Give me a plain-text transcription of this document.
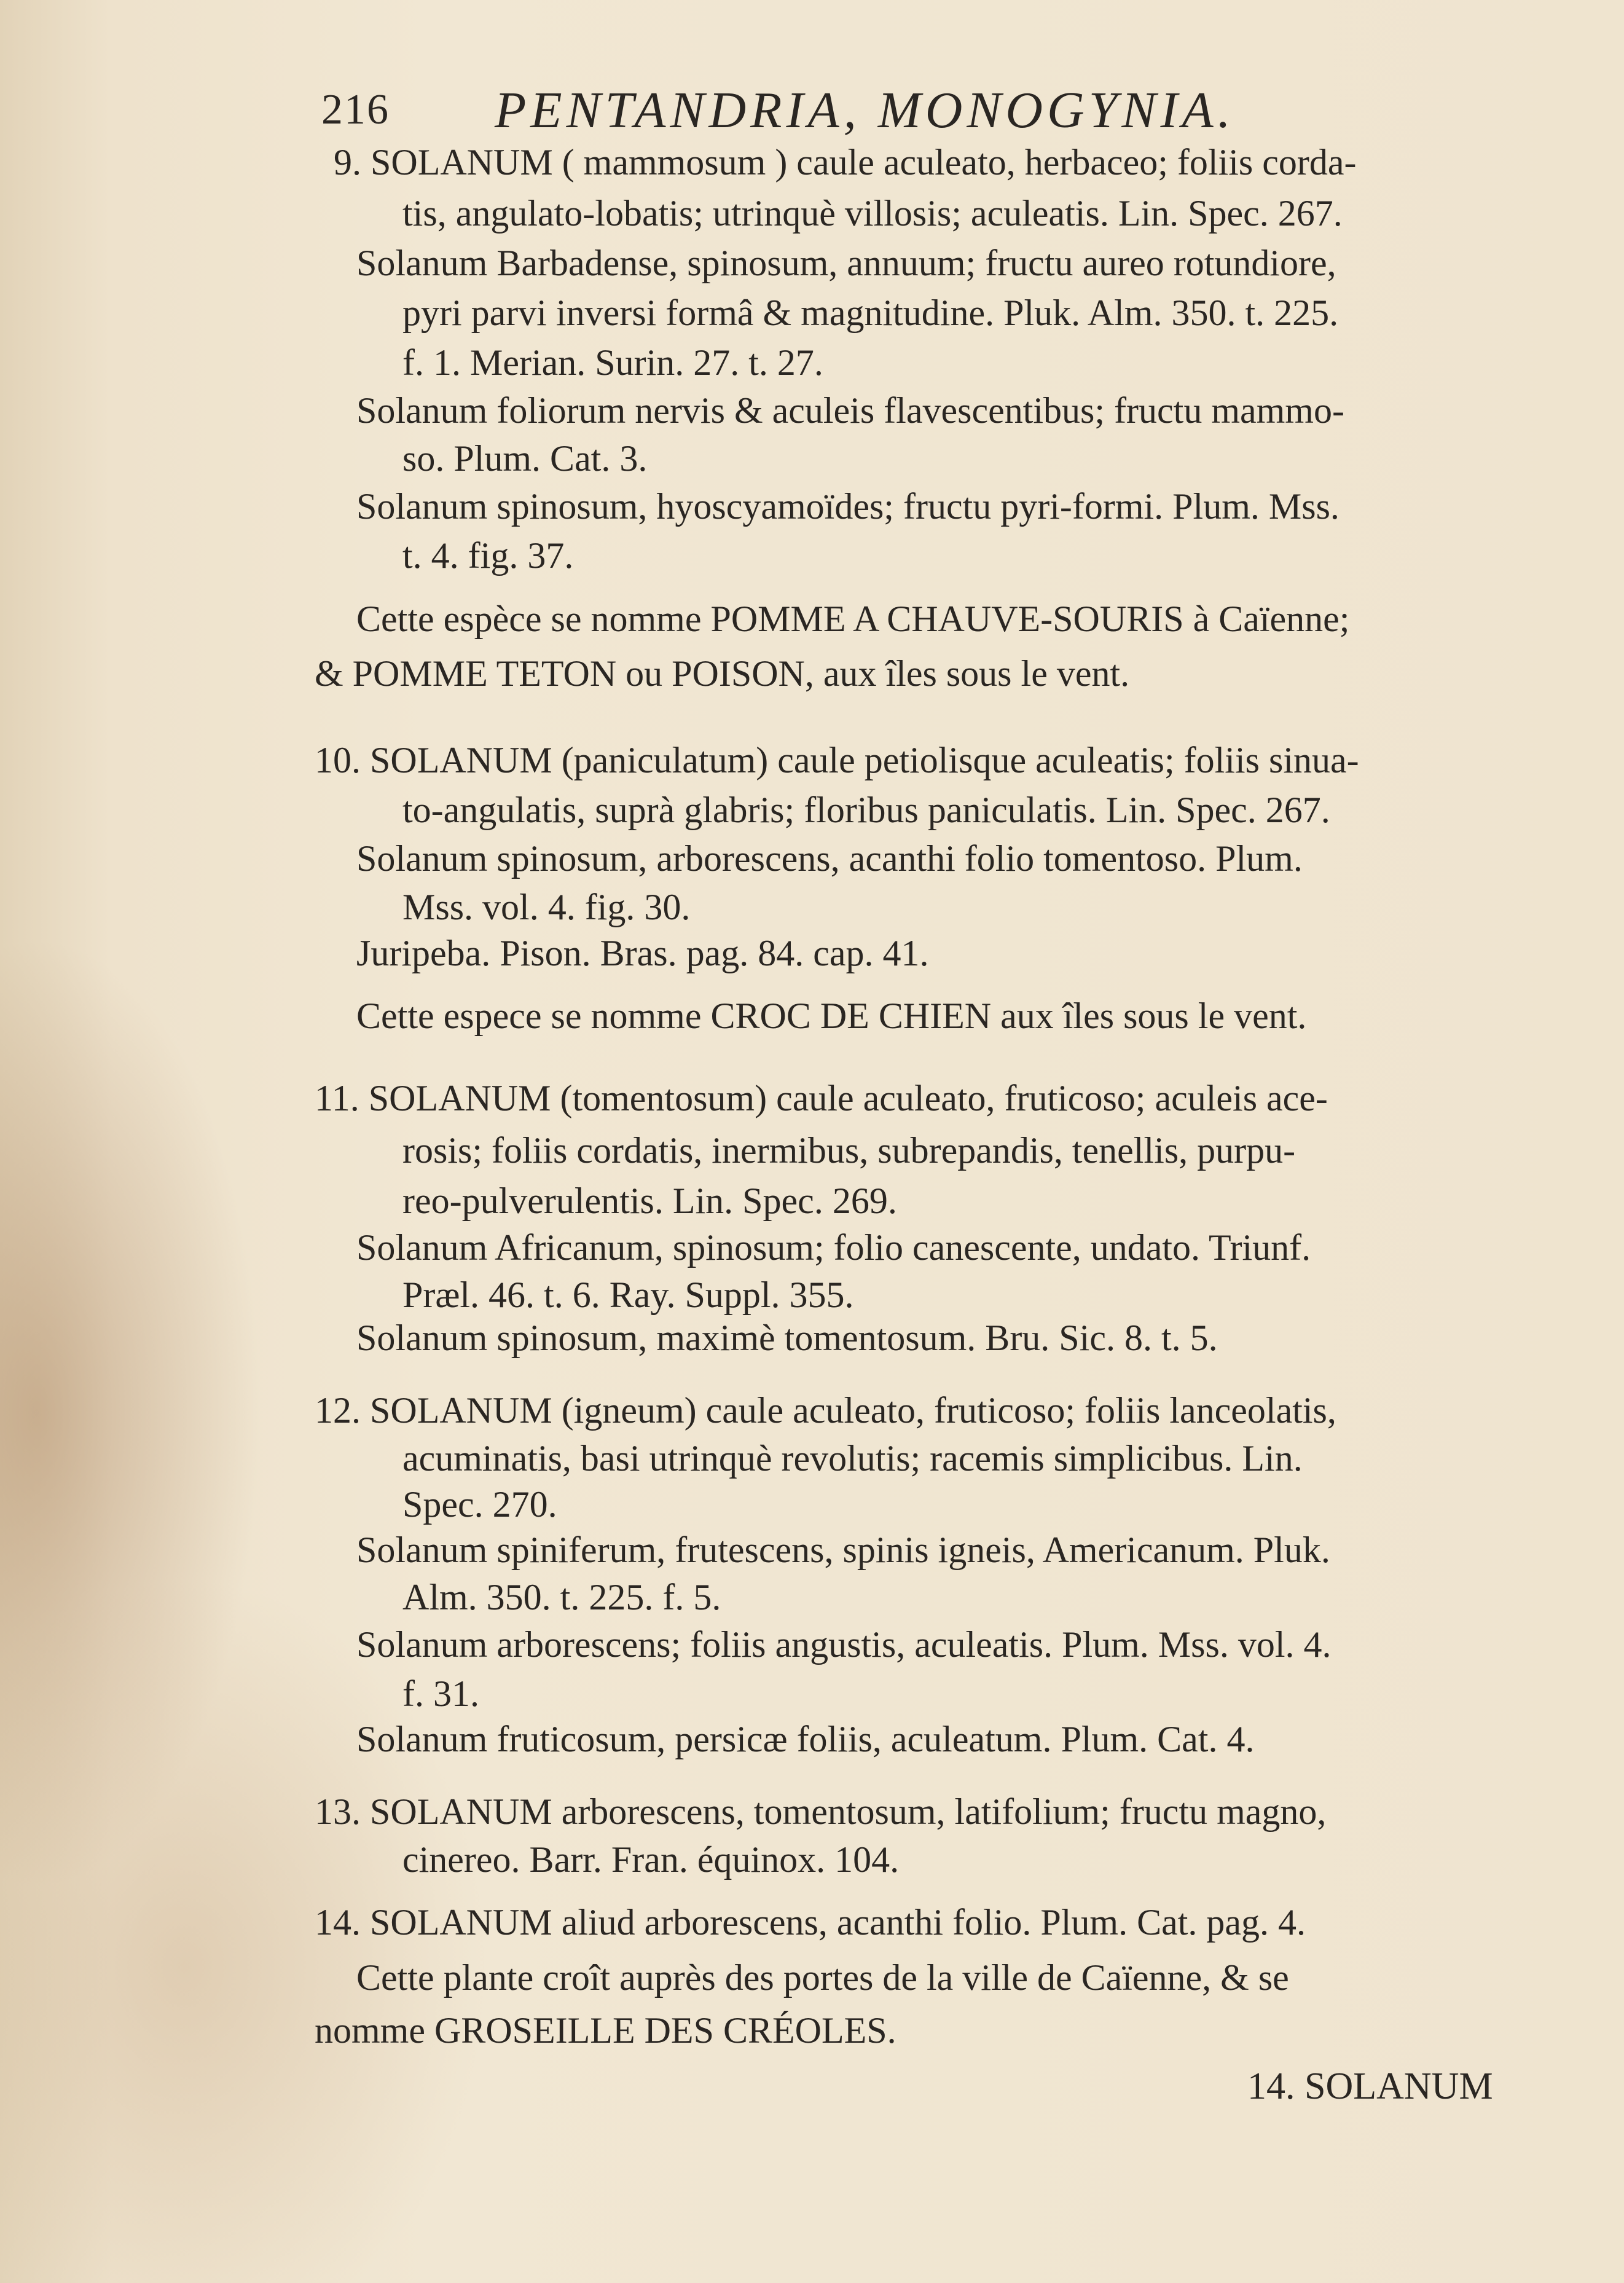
216 PENTANDRIA, MONOGYNIA.
9. SOLANUM ( mammosum ) caule aculeato, herbaceo; foliis corda-
tis, angulato-lobatis; utrinquè villosis; aculeatis. Lin. Spec. 267.
Solanum Barbadense, spinosum, annuum; fructu aureo rotundiore,
pyri parvi inversi formâ & magnitudine. Pluk. Alm. 350. t. 225.
f. 1. Merian. Surin. 27. t. 27.
Solanum foliorum nervis & aculeis flavescentibus; fructu mammo-
so. Plum. Cat. 3.
Solanum spinosum, hyoscyamoïdes; fructu pyri-formi. Plum. Mss.
t. 4. fig. 37.
Cette espèce se nomme POMME A CHAUVE-SOURIS à Caïenne;
& POMME TETON ou POISON, aux îles sous le vent.
10. SOLANUM (paniculatum) caule petiolisque aculeatis; foliis sinua-
to-angulatis, suprà glabris; floribus paniculatis. Lin. Spec. 267.
Solanum spinosum, arborescens, acanthi folio tomentoso. Plum.
Mss. vol. 4. fig. 30.
Juripeba. Pison. Bras. pag. 84. cap. 41.
Cette espece se nomme CROC DE CHIEN aux îles sous le vent.
11. SOLANUM (tomentosum) caule aculeato, fruticoso; aculeis ace-
rosis; foliis cordatis, inermibus, subrepandis, tenellis, purpu-
reo-pulverulentis. Lin. Spec. 269.
Solanum Africanum, spinosum; folio canescente, undato. Triunf.
Præl. 46. t. 6. Ray. Suppl. 355.
Solanum spinosum, maximè tomentosum. Bru. Sic. 8. t. 5.
12. SOLANUM (igneum) caule aculeato, fruticoso; foliis lanceolatis,
acuminatis, basi utrinquè revolutis; racemis simplicibus. Lin.
Spec. 270.
Solanum spiniferum, frutescens, spinis igneis, Americanum. Pluk.
Alm. 350. t. 225. f. 5.
Solanum arborescens; foliis angustis, aculeatis. Plum. Mss. vol. 4.
f. 31.
Solanum fruticosum, persicæ foliis, aculeatum. Plum. Cat. 4.
13. SOLANUM arborescens, tomentosum, latifolium; fructu magno,
cinereo. Barr. Fran. équinox. 104.
14. SOLANUM aliud arborescens, acanthi folio. Plum. Cat. pag. 4.
Cette plante croît auprès des portes de la ville de Caïenne, & se
nomme GROSEILLE DES CRÉOLES.
14. SOLANUM
